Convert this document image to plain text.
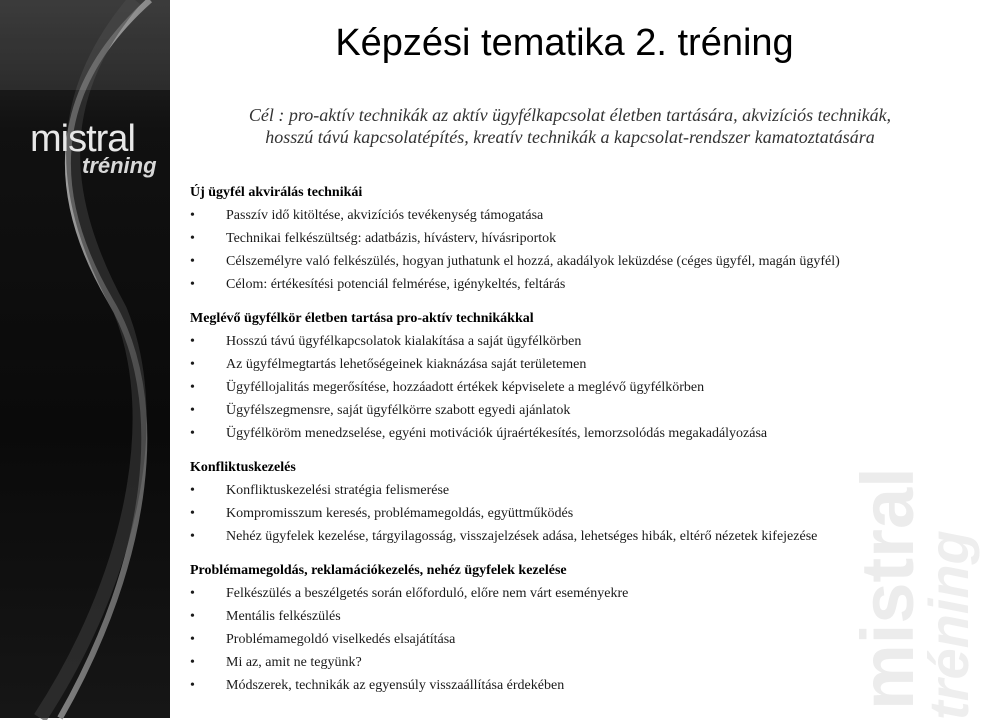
mistral
tréning
mistral
tréning
Képzési tematika 2. tréning

Cél : pro-aktív technikák az aktív ügyfélkapcsolat életben tartására, akvizíciós technikák,
hosszú távú kapcsolatépítés, kreatív technikák a kapcsolat-rendszer kamatoztatására

Új ügyfél akvirálás technikái

• Passzív idő kitöltése, akvizíciós tevékenység támogatása
• Technikai felkészültség: adatbázis, hívásterv, hívásriportok
• Célszemélyre való felkészülés, hogyan juthatunk el hozzá, akadályok leküzdése (céges ügyfél, magán ügyfél)
• Célom: értékesítési potenciál felmérése, igénykeltés, feltárás

Meglévő ügyfélkör életben tartása pro-aktív technikákkal

• Hosszú távú ügyfélkapcsolatok kialakítása a saját ügyfélkörben
• Az ügyfélmegtartás lehetőségeinek kiaknázása saját területemen
• Ügyféllojalitás megerősítése, hozzáadott értékek képviselete a meglévő ügyfélkörben
• Ügyfélszegmensre, saját ügyfélkörre szabott egyedi ajánlatok
• Ügyfélköröm menedzselése, egyéni motivációk újraértékesítés, lemorzsolódás megakadályozása

Konfliktuskezelés

• Konfliktuskezelési stratégia felismerése
• Kompromisszum keresés, problémamegoldás, együttműködés
• Nehéz ügyfelek kezelése, tárgyilagosság, visszajelzések adása, lehetséges hibák, eltérő nézetek kifejezése

Problémamegoldás, reklamációkezelés, nehéz ügyfelek kezelése

• Felkészülés a beszélgetés során előforduló, előre nem várt eseményekre
• Mentális felkészülés
• Problémamegoldó viselkedés elsajátítása
• Mi az, amit ne tegyünk?
• Módszerek, technikák az egyensúly visszaállítása érdekében
